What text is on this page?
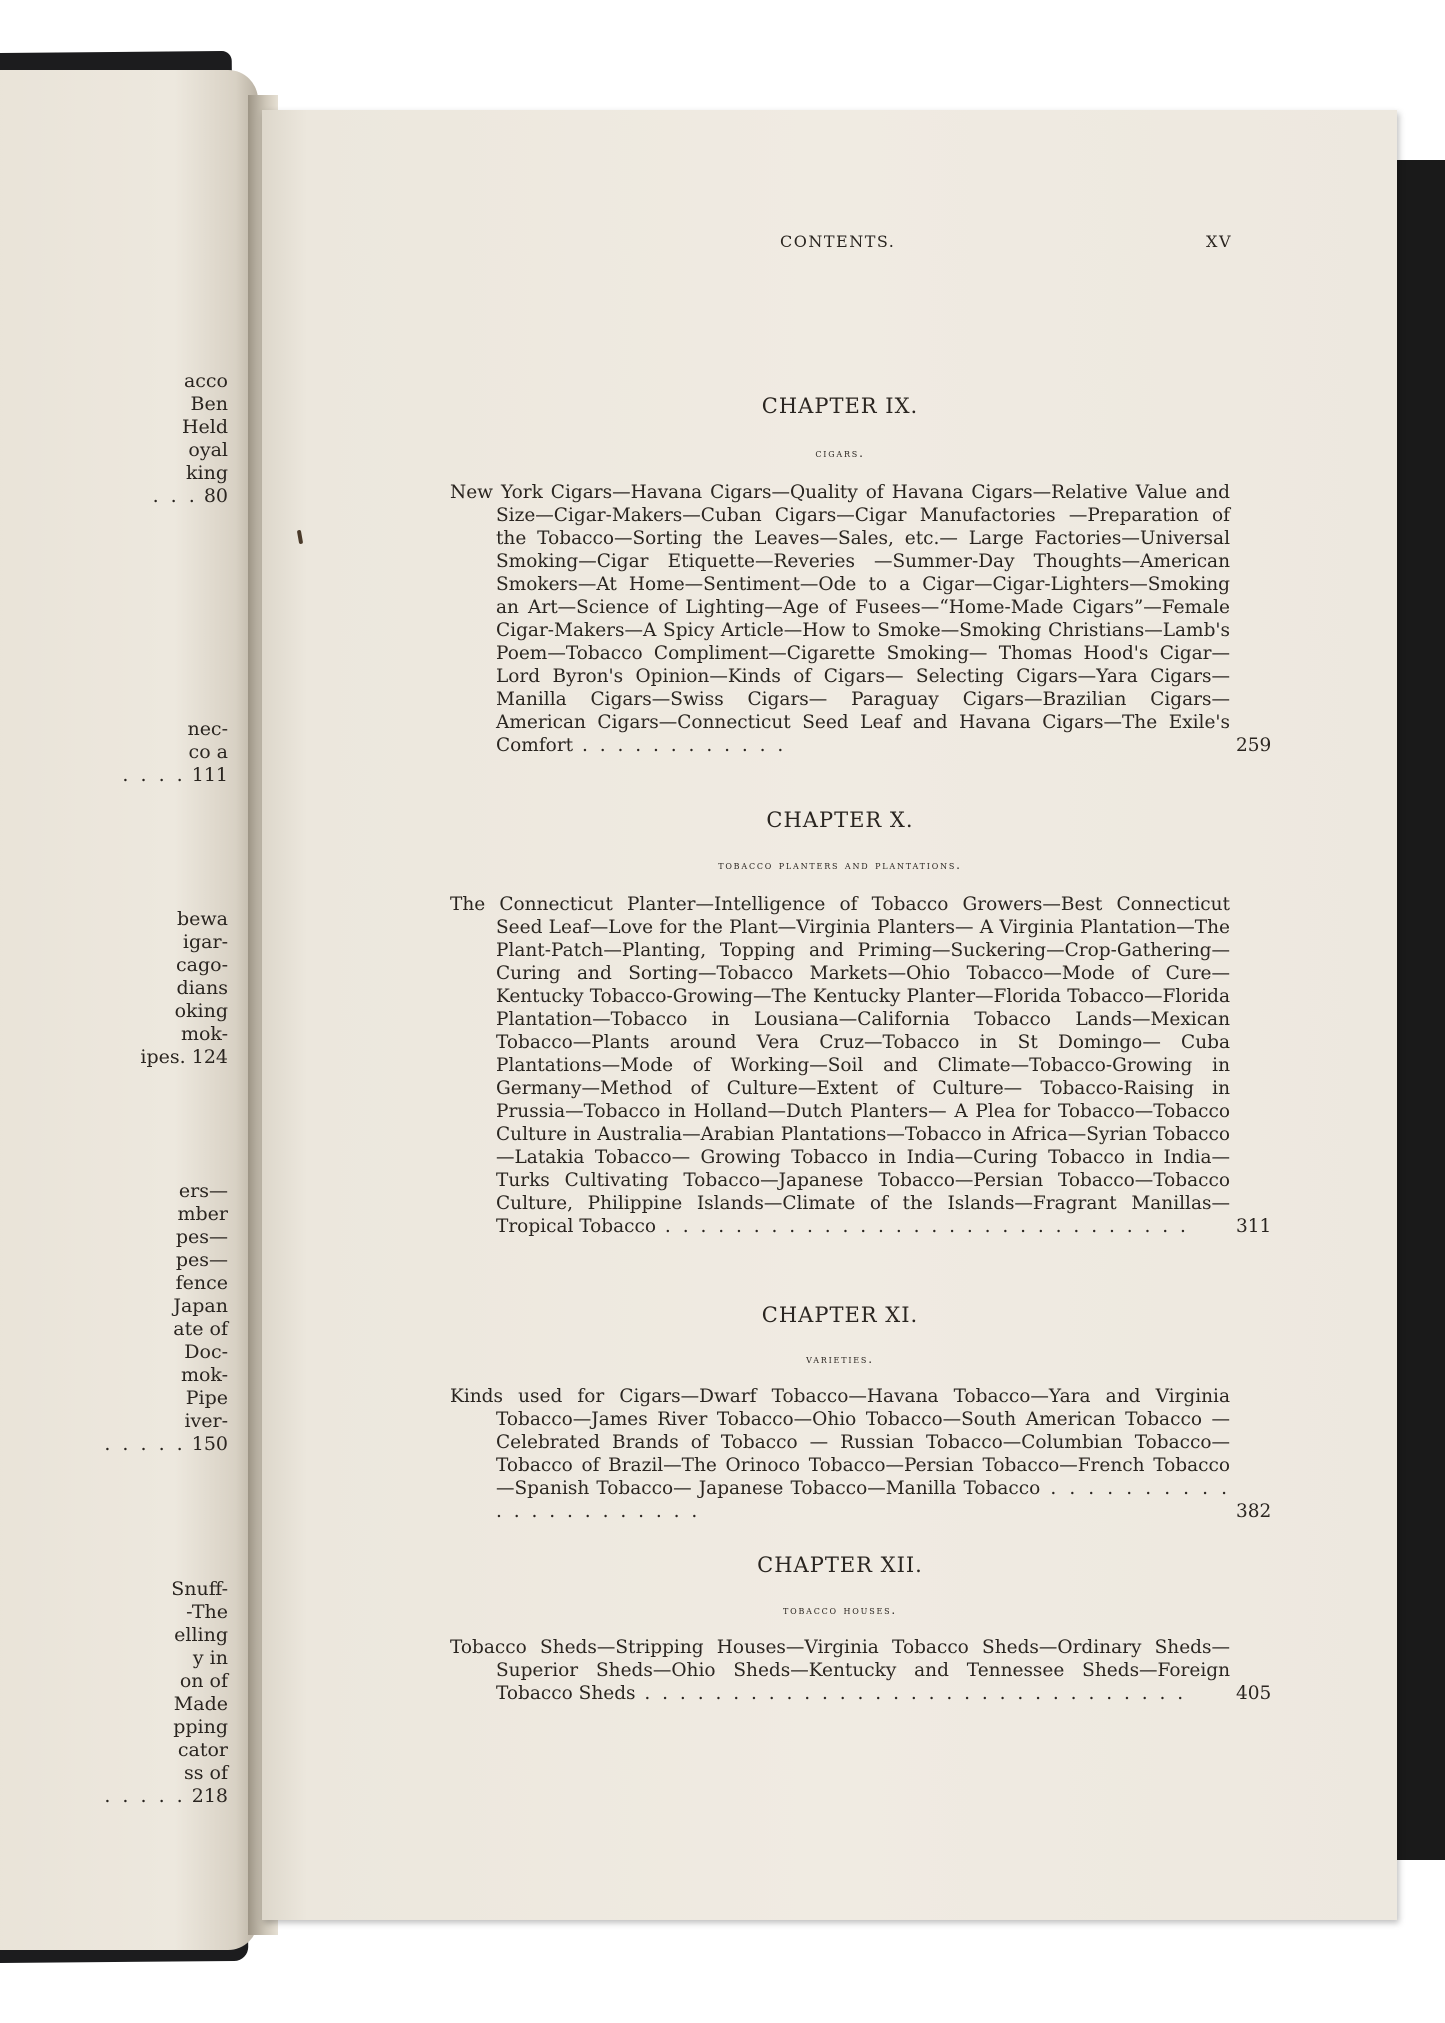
acco
Ben
Held
oyal
king
. . . 80
nec-
co a
. . . . 111
bewa
igar-
cago-
dians
oking
mok-
ipes. 124
ers—
mber
pes—
pes—
fence
Japan
ate of
Doc-
mok-
Pipe
iver-
. . . . . 150
Snuff-
-The
elling
y in
on of
Made
pping
cator
ss of
. . . . . 218
CONTENTS.	XV
CHAPTER IX.
cigars.
New York Cigars—Havana Cigars—Quality of Havana Cigars—Relative Value and Size—Cigar-Makers—Cuban Cigars—Cigar Manufactories —Preparation of the Tobacco—Sorting the Leaves—Sales, etc.— Large Factories—Universal Smoking—Cigar Etiquette—Reveries —Summer-Day Thoughts—American Smokers—At Home—Sentiment—Ode to a Cigar—Cigar-Lighters—Smoking an Art—Science of Lighting—Age of Fusees—“Home-Made Cigars”—Female Cigar-Makers—A Spicy Article—How to Smoke—Smoking Christians—Lamb's Poem—Tobacco Compliment—Cigarette Smoking— Thomas Hood's Cigar—Lord Byron's Opinion—Kinds of Cigars— Selecting Cigars—Yara Cigars—Manilla Cigars—Swiss Cigars— Paraguay Cigars—Brazilian Cigars—American Cigars—Connecticut Seed Leaf and Havana Cigars—The Exile's Comfort . . . . . . . . . . . .
CHAPTER X.
tobacco planters and plantations.
The Connecticut Planter—Intelligence of Tobacco Growers—Best Connecticut Seed Leaf—Love for the Plant—Virginia Planters— A Virginia Plantation—The Plant-Patch—Planting, Topping and Priming—Suckering—Crop-Gathering—Curing and Sorting—Tobacco Markets—Ohio Tobacco—Mode of Cure—Kentucky Tobacco-Growing—The Kentucky Planter—Florida Tobacco—Florida Plantation—Tobacco in Lousiana—California Tobacco Lands—Mexican Tobacco—Plants around Vera Cruz—Tobacco in St Domingo— Cuba Plantations—Mode of Working—Soil and Climate—Tobacco-Growing in Germany—Method of Culture—Extent of Culture— Tobacco-Raising in Prussia—Tobacco in Holland—Dutch Planters— A Plea for Tobacco—Tobacco Culture in Australia—Arabian Plantations—Tobacco in Africa—Syrian Tobacco—Latakia Tobacco— Growing Tobacco in India—Curing Tobacco in India—Turks Cultivating Tobacco—Japanese Tobacco—Persian Tobacco—Tobacco Culture, Philippine Islands—Climate of the Islands—Fragrant Manillas—Tropical Tobacco . . . . . . . . . . . . . . . . . . . . . . . . . . . . . .
CHAPTER XI.
varieties.
Kinds used for Cigars—Dwarf Tobacco—Havana Tobacco—Yara and Virginia Tobacco—James River Tobacco—Ohio Tobacco—South American Tobacco — Celebrated Brands of Tobacco — Russian Tobacco—Columbian Tobacco—Tobacco of Brazil—The Orinoco Tobacco—Persian Tobacco—French Tobacco—Spanish Tobacco— Japanese Tobacco—Manilla Tobacco . . . . . . . . . . . . . . . . . . . . . .
CHAPTER XII.
tobacco houses.
Tobacco Sheds—Stripping Houses—Virginia Tobacco Sheds—Ordinary Sheds—Superior Sheds—Ohio Sheds—Kentucky and Tennessee Sheds—Foreign Tobacco Sheds . . . . . . . . . . . . . . . . . . . . . . . . . . . . . . .
